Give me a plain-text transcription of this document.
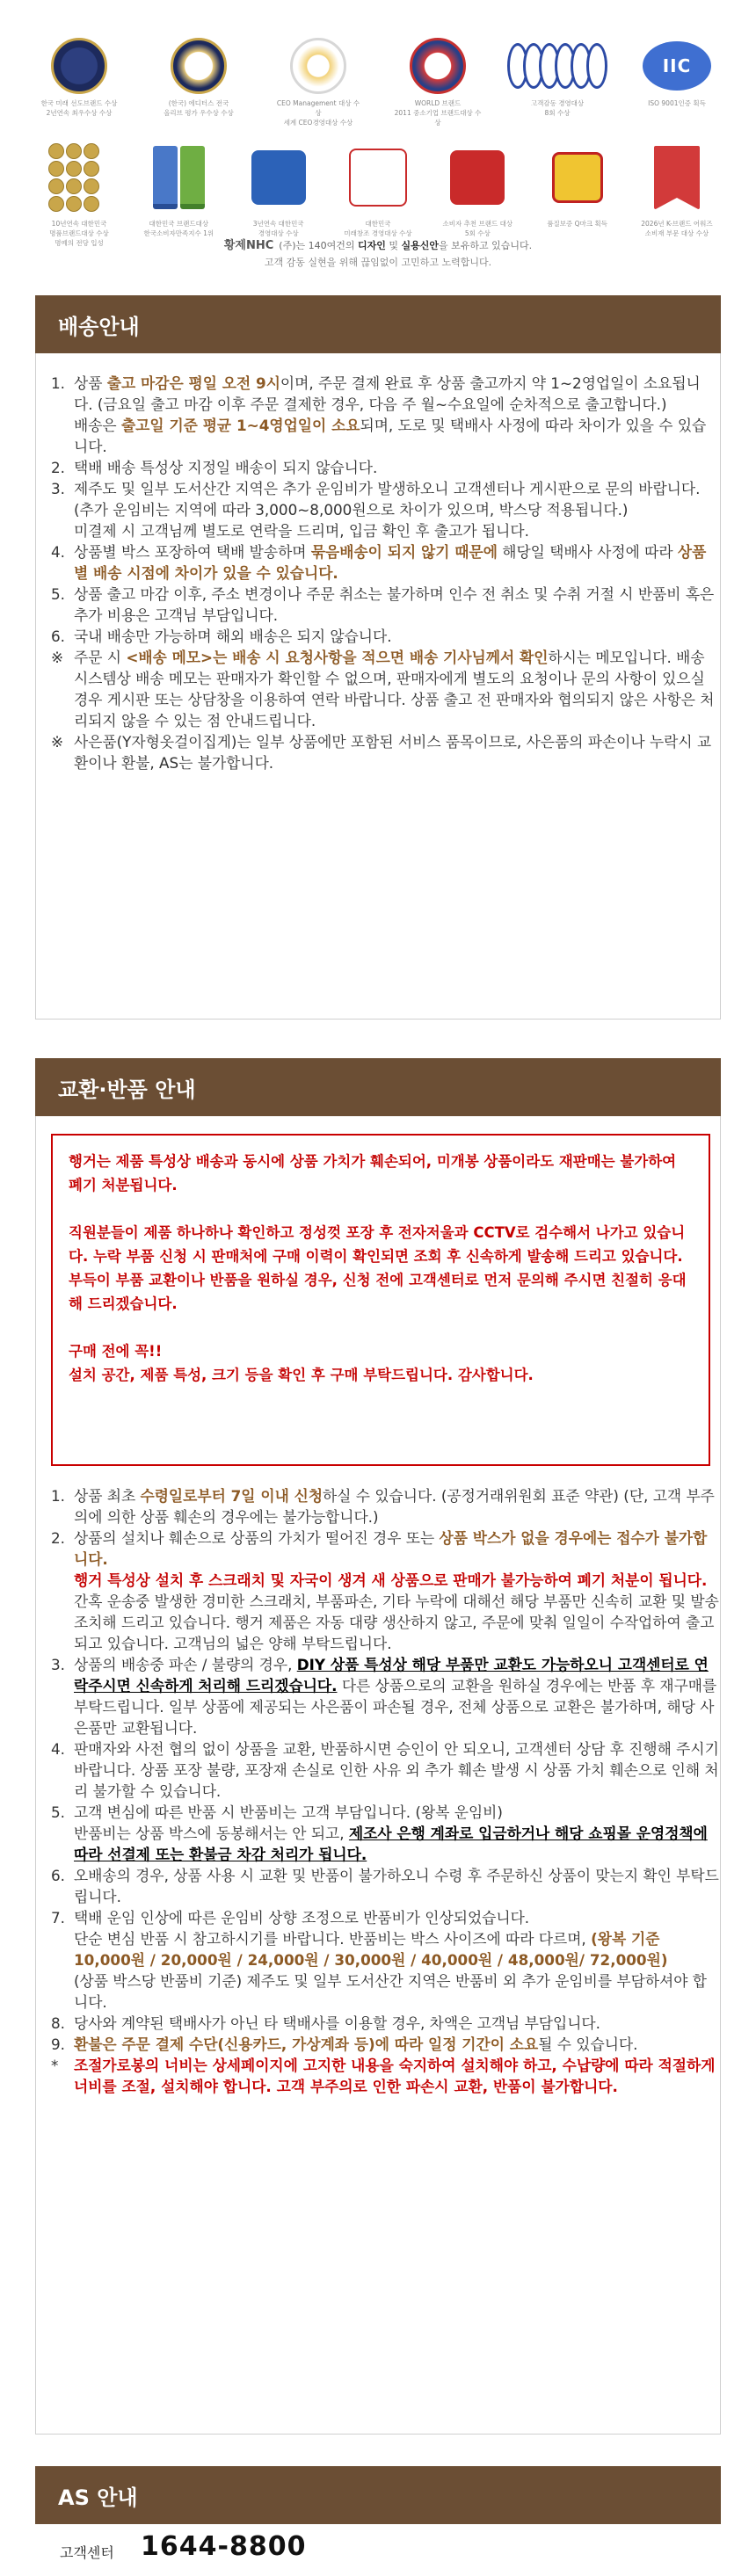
한국 미래 선도브랜드 수상
2년연속 최우수상 수상
(한국) 에디터스 전국
올리브 평가 우수상 수상
CEO Management 대상 수상
세계 CEO경영대상 수상
WORLD 브랜드
2011 중소기업 브랜드대상 수상
고객감동 경영대상
8회 수상
IIC
ISO 9001인증 획득
10년연속 대한민국
명품브랜드대상 수상
명예의 전당 입성
대한민국 브랜드대상
한국소비자만족지수 1위
3년연속 대한민국
경영대상 수상
대한민국
미래창조 경영대상 수상
소비자 추천 브랜드 대상
5회 수상
품질보증 Q마크 획득	2026년 K-브랜드 어워즈
소비재 부문 대상 수상
황제NHC (주)는 140여건의 디자인 및 실용신안을 보유하고 있습니다.
고객 감동 실현을 위해 끊임없이 고민하고 노력합니다.
배송안내
1. 상품 출고 마감은 평일 오전 9시이며, 주문 결제 완료 후 상품 출고까지 약 1~2영업일이 소요됩니다. (금요일 출고 마감 이후 주문 결제한 경우, 다음 주 월~수요일에 순차적으로 출고합니다.)
배송은 출고일 기준 평균 1~4영업일이 소요되며, 도로 및 택배사 사정에 따라 차이가 있을 수 있습니다.
2. 택배 배송 특성상 지정일 배송이 되지 않습니다.
3. 제주도 및 일부 도서산간 지역은 추가 운임비가 발생하오니 고객센터나 게시판으로 문의 바랍니다. (추가 운임비는 지역에 따라 3,000~8,000원으로 차이가 있으며, 박스당 적용됩니다.)
미결제 시 고객님께 별도로 연락을 드리며, 입금 확인 후 출고가 됩니다.
4. 상품별 박스 포장하여 택배 발송하며 묶음배송이 되지 않기 때문에 해당일 택배사 사정에 따라 상품별 배송 시점에 차이가 있을 수 있습니다.
5. 상품 출고 마감 이후, 주소 변경이나 주문 취소는 불가하며 인수 전 취소 및 수취 거절 시 반품비 혹은 추가 비용은 고객님 부담입니다.
6. 국내 배송만 가능하며 해외 배송은 되지 않습니다.
※ 주문 시 <배송 메모>는 배송 시 요청사항을 적으면 배송 기사님께서 확인하시는 메모입니다. 배송 시스템상 배송 메모는 판매자가 확인할 수 없으며, 판매자에게 별도의 요청이나 문의 사항이 있으실 경우 게시판 또는 상담창을 이용하여 연락 바랍니다. 상품 출고 전 판매자와 협의되지 않은 사항은 처리되지 않을 수 있는 점 안내드립니다.
※ 사은품(Y자형옷걸이집게)는 일부 상품에만 포함된 서비스 품목이므로, 사은품의 파손이나 누락시 교환이나 환불, AS는 불가합니다.
교환·반품 안내

행거는 제품 특성상 배송과 동시에 상품 가치가 훼손되어, 미개봉 상품이라도 재판매는 불가하여 폐기 처분됩니다.

직원분들이 제품 하나하나 확인하고 정성껏 포장 후 전자저울과 CCTV로 검수해서 나가고 있습니다. 누락 부품 신청 시 판매처에 구매 이력이 확인되면 조회 후 신속하게 발송해 드리고 있습니다.부득이 부품 교환이나 반품을 원하실 경우, 신청 전에 고객센터로 먼저 문의해 주시면 친절히 응대해 드리겠습니다.

구매 전에 꼭!!

설치 공간, 제품 특성, 크기 등을 확인 후 구매 부탁드립니다. 감사합니다.

1. 상품 최초 수령일로부터 7일 이내 신청하실 수 있습니다. (공정거래위원회 표준 약관) (단, 고객 부주의에 의한 상품 훼손의 경우에는 불가능합니다.)
2. 상품의 설치나 훼손으로 상품의 가치가 떨어진 경우 또는 상품 박스가 없을 경우에는 접수가 불가합니다.
행거 특성상 설치 후 스크래치 및 자국이 생겨 새 상품으로 판매가 불가능하여 폐기 처분이 됩니다.
간혹 운송중 발생한 경미한 스크래치, 부품파손, 기타 누락에 대해선 해당 부품만 신속히 교환 및 발송 조치해 드리고 있습니다. 행거 제품은 자동 대량 생산하지 않고, 주문에 맞춰 일일이 수작업하여 출고되고 있습니다. 고객님의 넓은 양해 부탁드립니다.
3. 상품의 배송중 파손 / 불량의 경우, DIY 상품 특성상 해당 부품만 교환도 가능하오니 고객센터로 연락주시면 신속하게 처리해 드리겠습니다. 다른 상품으로의 교환을 원하실 경우에는 반품 후 재구매를 부탁드립니다. 일부 상품에 제공되는 사은품이 파손될 경우, 전체 상품으로 교환은 불가하며, 해당 사은품만 교환됩니다.
4. 판매자와 사전 협의 없이 상품을 교환, 반품하시면 승인이 안 되오니, 고객센터 상담 후 진행해 주시기 바랍니다. 상품 포장 불량, 포장재 손실로 인한 사유 외 추가 훼손 발생 시 상품 가치 훼손으로 인해 처리 불가할 수 있습니다.
5. 고객 변심에 따른 반품 시 반품비는 고객 부담입니다. (왕복 운임비)
반품비는 상품 박스에 동봉해서는 안 되고, 제조사 은행 계좌로 입금하거나 해당 쇼핑몰 운영정책에 따라 선결제 또는 환불금 차감 처리가 됩니다.
6. 오배송의 경우, 상품 사용 시 교환 및 반품이 불가하오니 수령 후 주문하신 상품이 맞는지 확인 부탁드립니다.
7. 택배 운임 인상에 따른 운임비 상향 조정으로 반품비가 인상되었습니다.
단순 변심 반품 시 참고하시기를 바랍니다. 반품비는 박스 사이즈에 따라 다르며, (왕복 기준 10,000원 / 20,000원 / 24,000원 / 30,000원 / 40,000원 / 48,000원/ 72,000원)
(상품 박스당 반품비 기준) 제주도 및 일부 도서산간 지역은 반품비 외 추가 운임비를 부담하셔야 합니다.
8. 당사와 계약된 택배사가 아닌 타 택배사를 이용할 경우, 차액은 고객님 부담입니다.
9. 환불은 주문 결제 수단(신용카드, 가상계좌 등)에 따라 일정 기간이 소요될 수 있습니다.
* 조절가로봉의 너비는 상세페이지에 고지한 내용을 숙지하여 설치해야 하고, 수납량에 따라 적절하게 너비를 조절, 설치해야 합니다. 고객 부주의로 인한 파손시 교환, 반품이 불가합니다.
AS 안내
고객센터 1644-8800
